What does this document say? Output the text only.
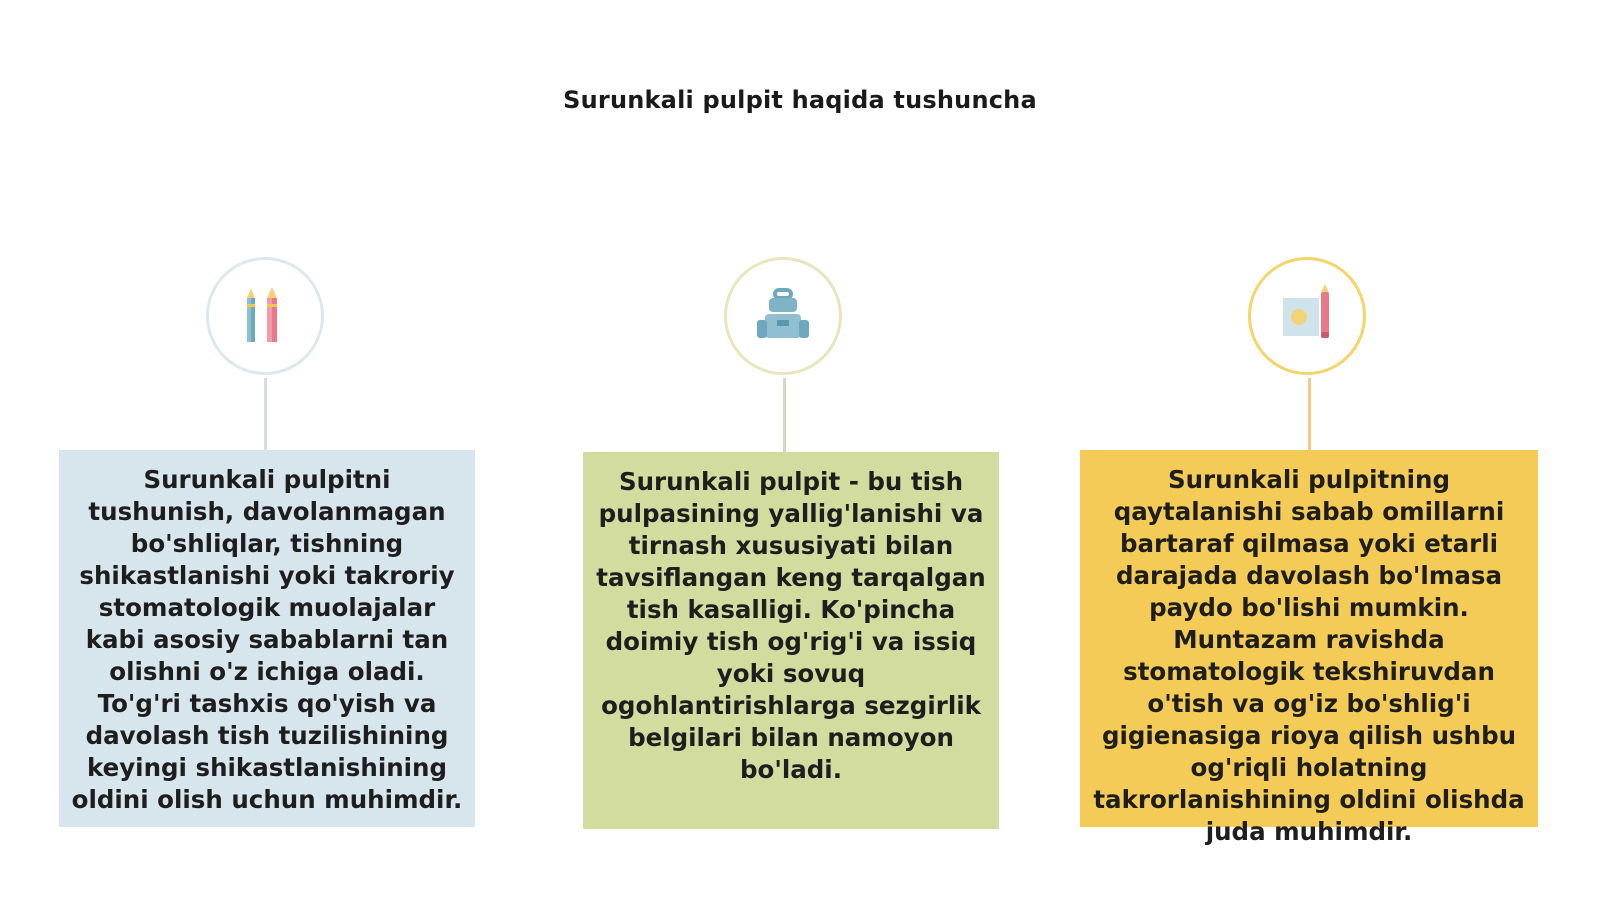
Surunkali pulpit haqida tushuncha
Surunkali pulpitni tushunish, davolanmagan bo'shliqlar, tishning shikastlanishi yoki takroriy stomatologik muolajalar kabi asosiy sabablarni tan olishni o'z ichiga oladi. To'g'ri tashxis qo'yish va davolash tish tuzilishining keyingi shikastlanishining oldini olish uchun muhimdir.
Surunkali pulpit - bu tish pulpasining yallig'lanishi va tirnash xususiyati bilan tavsiflangan keng tarqalgan tish kasalligi. Ko'pincha doimiy tish og'rig'i va issiq yoki sovuq ogohlantirishlarga sezgirlik belgilari bilan namoyon bo'ladi.
Surunkali pulpitning qaytalanishi sabab omillarni bartaraf qilmasa yoki etarli darajada davolash bo'lmasa paydo bo'lishi mumkin. Muntazam ravishda stomatologik tekshiruvdan o'tish va og'iz bo'shlig'i gigienasiga rioya qilish ushbu og'riqli holatning takrorlanishining oldini olishda juda muhimdir.
